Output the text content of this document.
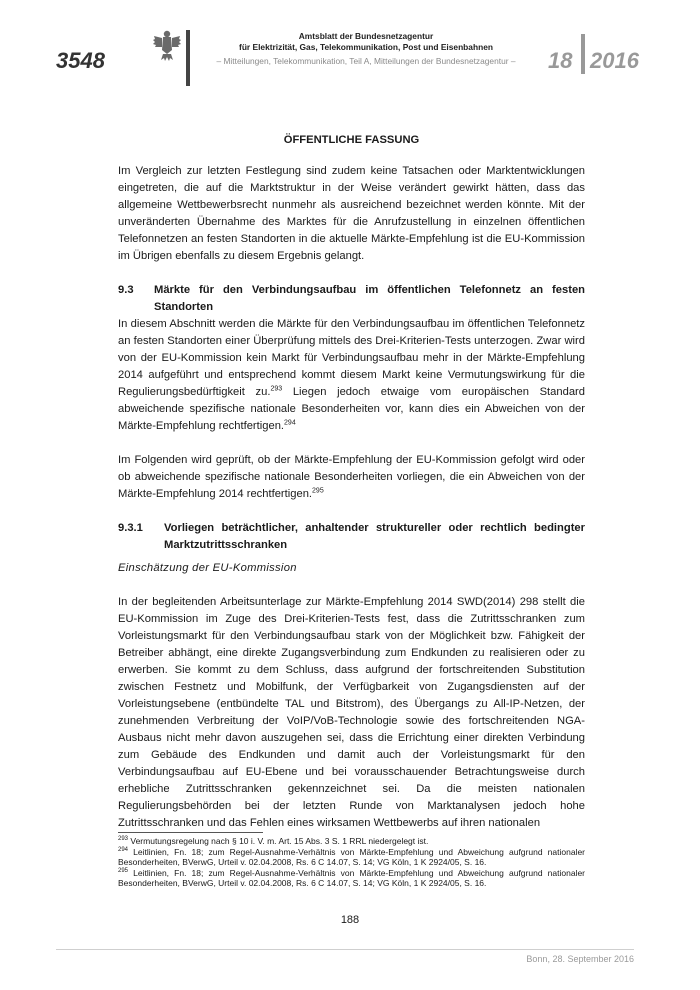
3548
Amtsblatt der Bundesnetzagentur
für Elektrizität, Gas, Telekommunikation, Post und Eisenbahnen
– Mitteilungen, Telekommunikation, Teil A, Mitteilungen der Bundesnetzagentur –	18 2016

ÖFFENTLICHE FASSUNG

Im Vergleich zur letzten Festlegung sind zudem keine Tatsachen oder Marktentwicklungen eingetreten, die auf die Marktstruktur in der Weise verändert gewirkt hätten, dass das allgemeine Wettbewerbsrecht nunmehr als ausreichend bezeichnet werden könnte. Mit der unveränderten Übernahme des Marktes für die Anrufzustellung in einzelnen öffentlichen Telefonnetzen an festen Standorten in die aktuelle Märkte-Empfehlung ist die EU-Kommission im Übrigen ebenfalls zu diesem Ergebnis gelangt.

9.3	Märkte für den Verbindungsaufbau im öffentlichen Telefonnetz an festen Standorten

In diesem Abschnitt werden die Märkte für den Verbindungsaufbau im öffentlichen Telefonnetz an festen Standorten einer Überprüfung mittels des Drei-Kriterien-Tests unterzogen. Zwar wird von der EU-Kommission kein Markt für Verbindungsaufbau mehr in der Märkte-Empfehlung 2014 aufgeführt und entsprechend kommt diesem Markt keine Vermutungswirkung für die Regulierungsbedürftigkeit zu.$^{293}$ Liegen jedoch etwaige vom europäischen Standard abweichende spezifische nationale Besonderheiten vor, kann dies ein Abweichen von der Märkte-Empfehlung rechtfertigen.$^{294}$

Im Folgenden wird geprüft, ob der Märkte-Empfehlung der EU-Kommission gefolgt wird oder ob abweichende spezifische nationale Besonderheiten vorliegen, die ein Abweichen von der Märkte-Empfehlung 2014 rechtfertigen.$^{295}$

9.3.1	Vorliegen beträchtlicher, anhaltender struktureller oder rechtlich bedingter Marktzutrittsschranken

Einschätzung der EU-Kommission

In der begleitenden Arbeitsunterlage zur Märkte-Empfehlung 2014 SWD(2014) 298 stellt die EU-Kommission im Zuge des Drei-Kriterien-Tests fest, dass die Zutrittsschranken zum Vorleistungsmarkt für den Verbindungsaufbau stark von der Möglichkeit bzw. Fähigkeit der Betreiber abhängt, eine direkte Zugangsverbindung zum Endkunden zu realisieren oder zu erwerben. Sie kommt zu dem Schluss, dass aufgrund der fortschreitenden Substitution zwischen Festnetz und Mobilfunk, der Verfügbarkeit von Zugangsdiensten auf der Vorleistungsebene (entbündelte TAL und Bitstrom), des Übergangs zu All-IP-Netzen, der zunehmenden Verbreitung der VoIP/VoB-Technologie sowie des fortschreitenden NGA-Ausbaus nicht mehr davon auszugehen sei, dass die Errichtung einer direkten Verbindung zum Gebäude des Endkunden und damit auch der Vorleistungsmarkt für den Verbindungsaufbau auf EU-Ebene und bei vorausschauender Betrachtungsweise durch erhebliche Zutrittsschranken gekennzeichnet sei. Da die meisten nationalen Regulierungsbehörden bei der letzten Runde von Marktanalysen jedoch hohe Zutrittsschranken und das Fehlen eines wirksamen Wettbewerbs auf ihren nationalen

$^{293}$ Vermutungsregelung nach § 10 i. V. m. Art. 15 Abs. 3 S. 1 RRL niedergelegt ist.

$^{294}$ Leitlinien, Fn. 18; zum Regel-Ausnahme-Verhältnis von Märkte-Empfehlung und Abweichung aufgrund nationaler Besonderheiten, BVerwG, Urteil v. 02.04.2008, Rs. 6 C 14.07, S. 14; VG Köln, 1 K 2924/05, S. 16.

$^{295}$ Leitlinien, Fn. 18; zum Regel-Ausnahme-Verhältnis von Märkte-Empfehlung und Abweichung aufgrund nationaler Besonderheiten, BVerwG, Urteil v. 02.04.2008, Rs. 6 C 14.07, S. 14; VG Köln, 1 K 2924/05, S. 16.

188
Bonn, 28. September 2016
